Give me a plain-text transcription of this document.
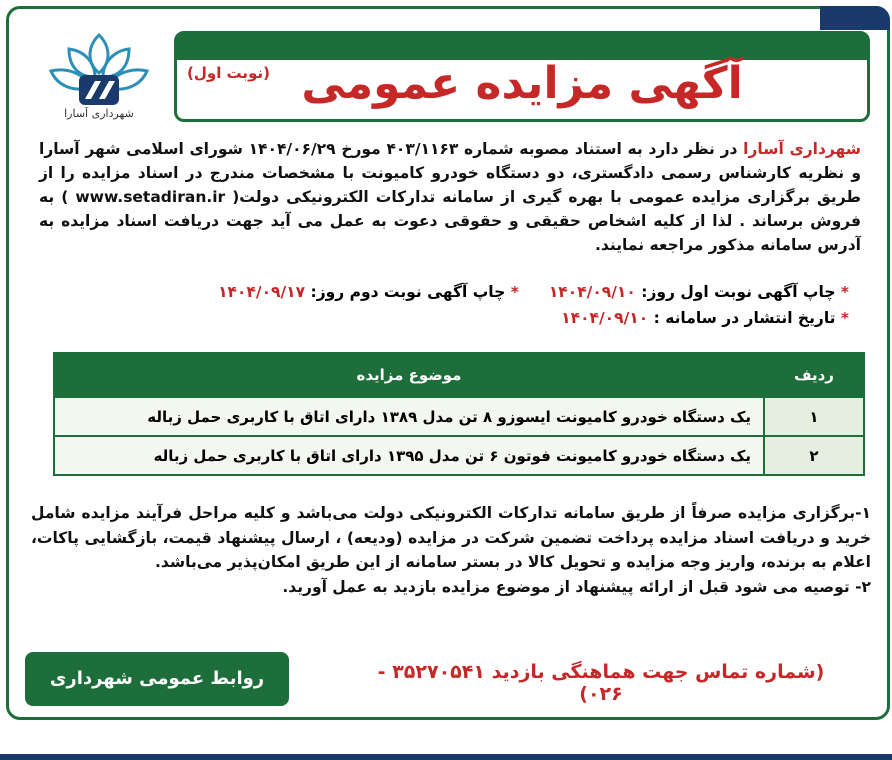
شهرداری آسارا
آگهی مزایده عمومی
(نوبت اول)
شهرداری آسارا در نظر دارد به استناد مصوبه شماره ۴۰۳/۱۱۶۳ مورخ ۱۴۰۴/۰۶/۲۹ شورای اسلامی شهر آسارا و نظریه کارشناس رسمی دادگستری، دو دستگاه خودرو کامیونت با مشخصات مندرج در اسناد مزایده را از طریق برگزاری مزایده عمومی با بهره گیری از سامانه تدارکات الکترونیکی دولت( www.setadiran.ir ) به فروش برساند . لذا از کلیه اشخاص حقیقی و حقوقی دعوت به عمل می آید جهت دریافت اسناد مزایده به آدرس سامانه مذکور مراجعه نمایند.
* چاپ آگهی نوبت اول روز: ۱۴۰۴/۰۹/۱۰
* چاپ آگهی نوبت دوم روز: ۱۴۰۴/۰۹/۱۷
* تاریخ انتشار در سامانه : ۱۴۰۴/۰۹/۱۰
ردیف	موضوع مزایده
۱	یک دستگاه خودرو کامیونت ایسوزو ۸ تن مدل ۱۳۸۹ دارای اتاق با کاربری حمل زباله
۲	یک دستگاه خودرو کامیونت فوتون ۶ تن مدل ۱۳۹۵ دارای اتاق با کاربری حمل زباله
۱-برگزاری مزایده صرفاً از طریق سامانه تدارکات الکترونیکی دولت می‌باشد و کلیه مراحل فرآیند مزایده شامل خرید و دریافت اسناد مزایده پرداخت تضمین شرکت در مزایده (ودیعه) ، ارسال پیشنهاد قیمت، بازگشایی پاکات، اعلام به برنده، واریز وجه مزایده و تحویل کالا در بستر سامانه از این طریق امکان‌پذیر می‌باشد.
۲- توصیه می شود قبل از ارائه پیشنهاد از موضوع مزایده بازدید به عمل آورید.
روابط عمومی شهرداری آسارا
(شماره تماس جهت هماهنگی بازدید ۳۵۲۷۰۵۴۱ - ۰۲۶)
